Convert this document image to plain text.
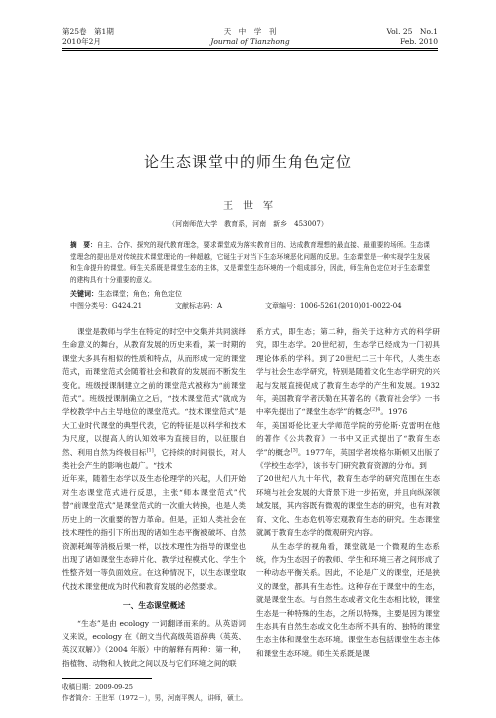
第25卷　第1期
2010年2月
天　中　学　刊
Journal of Tianzhong
Vol. 25　No.1
Feb. 2010
论生态课堂中的师生角色定位
王　世　军
（河南师范大学　教育系，河南　新乡　453007）
摘　要：自主、合作、探究的现代教育理念，要求课堂成为落实教育目的、达成教育理想的最直接、最重要的场所。生态课堂理念的提出是对传统技术课堂理论的一种超越，它诞生于对当下生态环境恶化问题的反思。生态课堂是一种实现学生发展和生命提升的课堂。师生关系既是课堂生态的主体，又是课堂生态环境的一个组成部分，因此，师生角色定位对于生态课堂的建构具有十分重要的意义。
关键词：生态课堂；角色；角色定位
中图分类号：G424.21	文献标志码：A	文章编号：1006-5261(2010)01-0022-04

课堂是教师与学生在特定的时空中交集并共同演绎生命意义的舞台，从教育发展的历史来看，某一时期的课堂大多具有相似的性质和特点，从而形成一定的课堂范式，而课堂范式会随着社会和教育的发展而不断发生变化。班级授课制建立之前的课堂范式被称为“前课堂范式”。班级授课制确立之后，“技术课堂范式”就成为学校教学中占主导地位的课堂范式。“技术课堂范式”是大工业时代课堂的典型代表，它的特征是以科学和技术为尺度，以提高人的认知效率为直接目的，以征服自然、利用自然为终极目标[1]，它持续的时间很长，对人类社会产生的影响也最广。“技术

近年来，随着生态学以及生态伦理学的兴起，人们开始对生态课堂范式进行反思，主张“师本课堂范式”代替“前课堂范式”是课堂范式的一次重大转换，也是人类历史上的一次重要的智力革命。但是，正如人类社会在技术理性的指引下所出现的诸如生态平衡被破坏、自然资源耗竭等消极后果一样，以技术理性为指导的课堂也出现了诸如课堂生态碎片化、教学过程模式化、学生个性整齐划一等负面效应。在这种情况下，以生态课堂取代技术课堂便成为时代和教育发展的必然要求。

一、生态课堂概述

“生态”是由 ecology 一词翻译而来的。从英语词义来说，ecology 在《朗文当代高级英语辞典（英英、英汉双解）》（2004 年版）中的解释有两种：第一种，指植物、动物和人彼此之间以及与它们环境之间的联

系方式，即生态；第二种，指关于这种方式的科学研究，即生态学。20世纪初，生态学已经成为一门初具理论体系的学科。到了20世纪二三十年代，人类生态学与社会生态学研究，特别是随着文化生态学研究的兴起与发展直接促成了教育生态学的产生和发展。1932年，美国教育学者沃勒在其著名的《教育社会学》一书中率先提出了“课堂生态学”的概念$^{[2]4}$。1976

年，美国哥伦比亚大学师范学院的劳伦斯·克雷明在他的著作《公共教育》一书中又正式提出了“教育生态学”的概念[3]。1977年，英国学者埃格尔斯顿又出版了《学校生态学》，该书专门研究教育资源的分布。到

了20世纪八九十年代，教育生态学的研究范围在生态环境与社会发展的大背景下进一步拓宽，并且向纵深领域发展，其内容既有微观的课堂生态的研究，也有对教育、文化、生态危机等宏观教育生态的研究。生态课堂就属于教育生态学的微观研究内容。

从生态学的视角看，课堂就是一个微观的生态系统，作为生态因子的教师、学生和环境三者之间形成了一种动态平衡关系。因此，不论是广义的课堂，还是狭义的课堂，都具有生态性。这种存在于课堂中的生态，就是课堂生态。与自然生态或者文化生态相比较，课堂生态是一种特殊的生态，之所以特殊，主要是因为课堂生态具有自然生态或文化生态所不具有的、独特的课堂生态主体和课堂生态环境。课堂生态包括课堂生态主体和课堂生态环境。师生关系既是课

收稿日期：2009-09-25
作者简介：王世军（1972－），男，河南平舆人，讲师，硕士。
